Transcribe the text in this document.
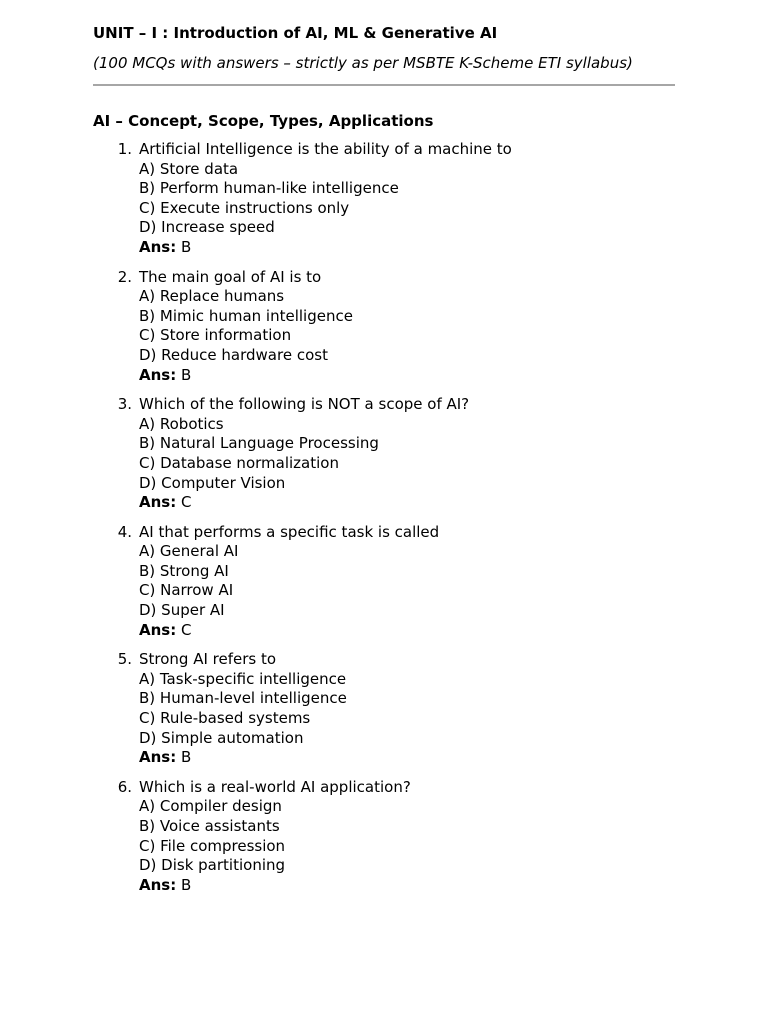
UNIT – I : Introduction of AI, ML & Generative AI

(100 MCQs with answers – strictly as per MSBTE K-Scheme ETI syllabus)

AI – Concept, Scope, Types, Applications
1. Artificial Intelligence is the ability of a machine to
A) Store data
B) Perform human-like intelligence
C) Execute instructions only
D) Increase speed
Ans: B
2. The main goal of AI is to
A) Replace humans
B) Mimic human intelligence
C) Store information
D) Reduce hardware cost
Ans: B
3. Which of the following is NOT a scope of AI?
A) Robotics
B) Natural Language Processing
C) Database normalization
D) Computer Vision
Ans: C
4. AI that performs a specific task is called
A) General AI
B) Strong AI
C) Narrow AI
D) Super AI
Ans: C
5. Strong AI refers to
A) Task-specific intelligence
B) Human-level intelligence
C) Rule-based systems
D) Simple automation
Ans: B
6. Which is a real-world AI application?
A) Compiler design
B) Voice assistants
C) File compression
D) Disk partitioning
Ans: B
